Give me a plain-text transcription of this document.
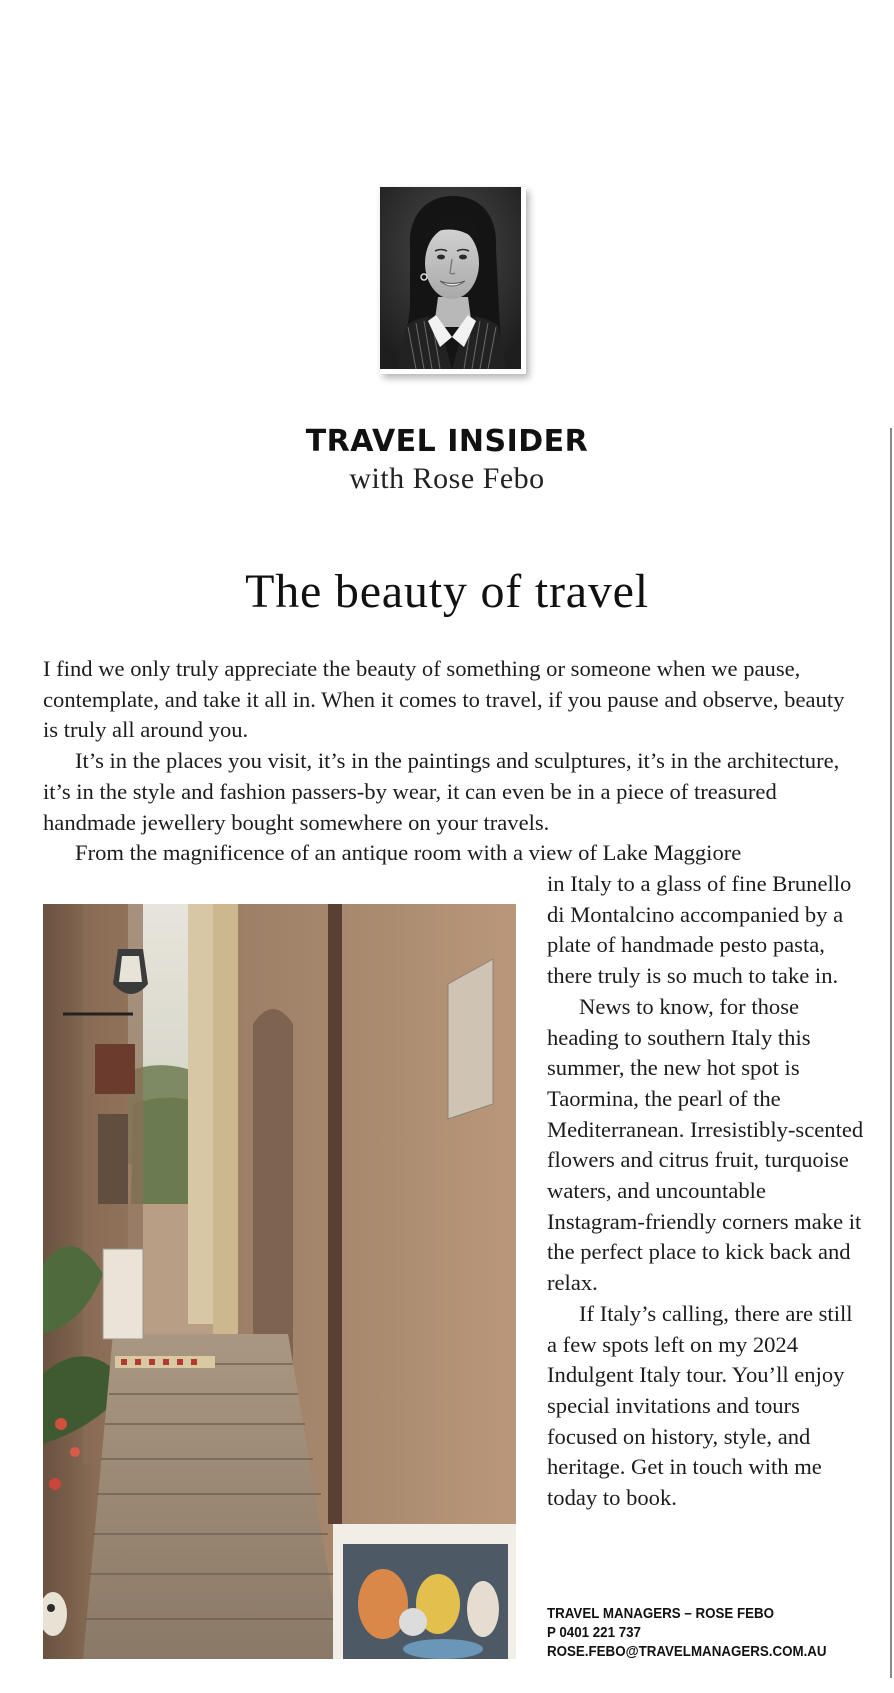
TRAVEL INSIDER
with Rose Febo
The beauty of travel

I find we only truly appreciate the beauty of something or someone when we pause, contemplate, and take it all in. When it comes to travel, if you pause and observe, beauty is truly all around you.

It’s in the places you visit, it’s in the paintings and sculptures, it’s in the architecture, it’s in the style and fashion passers-by wear, it can even be in a piece of treasured handmade jewellery bought somewhere on your travels.

From the magnificence of an antique room with a view of Lake Maggiore

in Italy to a glass of fine Brunello di Montalcino accompanied by a plate of handmade pesto pasta, there truly is so much to take in.

News to know, for those heading to southern Italy this summer, the new hot spot is Taormina, the pearl of the Mediterranean. Irresistibly-scented flowers and citrus fruit, turquoise waters, and uncountable Instagram-friendly corners make it the perfect place to kick back and relax.

If Italy’s calling, there are still a few spots left on my 2024 Indulgent Italy tour. You’ll enjoy special invitations and tours focused on history, style, and heritage. Get in touch with me today to book.

TRAVEL MANAGERS – ROSE FEBO
P 0401 221 737
ROSE.FEBO@TRAVELMANAGERS.COM.AU
